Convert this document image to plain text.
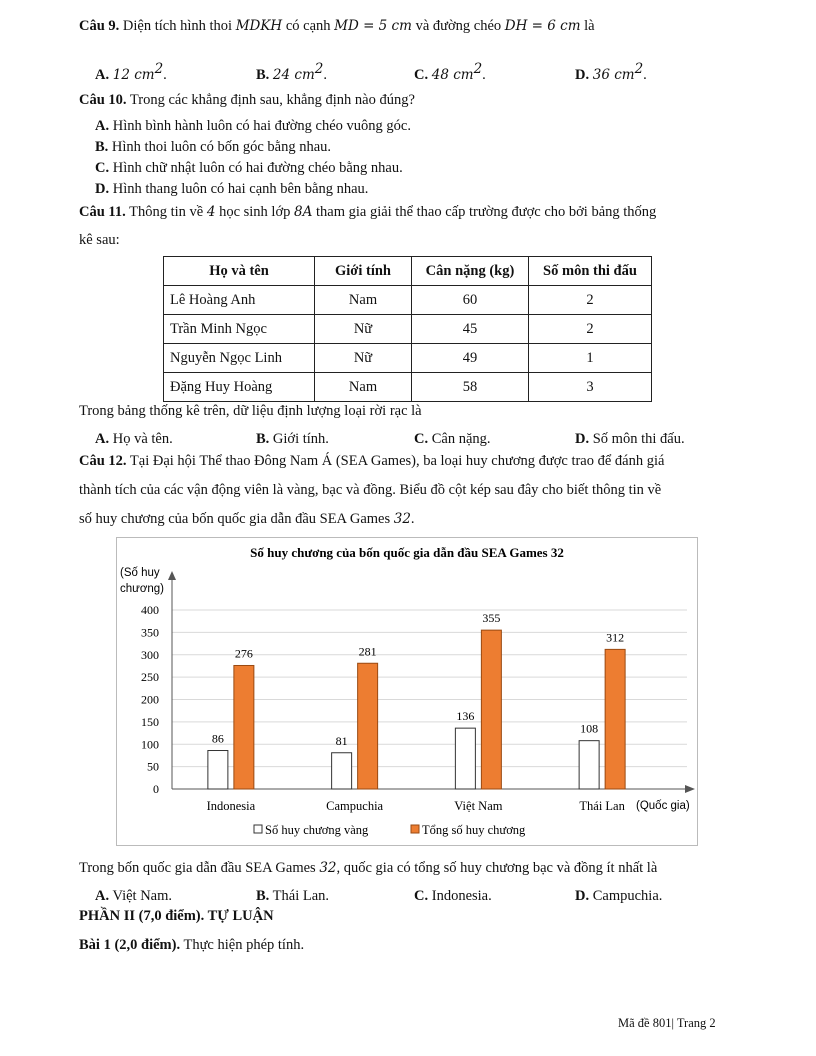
Câu 9. Diện tích hình thoi MDKH có cạnh MD = 5 cm và đường chéo DH = 6 cm là
A. 12 $cm^2$.	B. 24 $cm^2$.	C. 48 $cm^2$.	D. 36 $cm^2$.
Câu 10. Trong các khẳng định sau, khẳng định nào đúng?
A. Hình bình hành luôn có hai đường chéo vuông góc.
B. Hình thoi luôn có bốn góc bằng nhau.
C. Hình chữ nhật luôn có hai đường chéo bằng nhau.
D. Hình thang luôn có hai cạnh bên bằng nhau.
Câu 11. Thông tin về 4 học sinh lớp 8A tham gia giải thể thao cấp trường được cho bởi bảng thống
kê sau:
Họ và tên	Giới tính	Cân nặng (kg)	Số môn thi đấu
Lê Hoàng Anh	Nam	60	2
Trần Minh Ngọc	Nữ	45	2
Nguyễn Ngọc Linh	Nữ	49	1
Đặng Huy Hoàng	Nam	58	3
Trong bảng thống kê trên, dữ liệu định lượng loại rời rạc là
A. Họ và tên.	B. Giới tính.	C. Cân nặng.	D. Số môn thi đấu.
Câu 12. Tại Đại hội Thể thao Đông Nam Á (SEA Games), ba loại huy chương được trao để đánh giá
thành tích của các vận động viên là vàng, bạc và đồng. Biểu đồ cột kép sau đây cho biết thông tin về
số huy chương của bốn quốc gia dẫn đầu SEA Games 32.
Số huy chương của bốn quốc gia dẫn đầu SEA Games 32
(Số huy
chương)
(Quốc gia)
0
50
100
150
200
250
300
350
400
86
276
Indonesia
81
281
Campuchia
136
355
Việt Nam
108
312
Thái Lan
Số huy chương vàng	Tổng số huy chương
Trong bốn quốc gia dẫn đầu SEA Games 32, quốc gia có tổng số huy chương bạc và đồng ít nhất là
A. Việt Nam.	B. Thái Lan.	C. Indonesia.	D. Campuchia.
PHẦN II (7,0 điểm). TỰ LUẬN
Bài 1 (2,0 điểm). Thực hiện phép tính.
Mã đề 801| Trang 2
